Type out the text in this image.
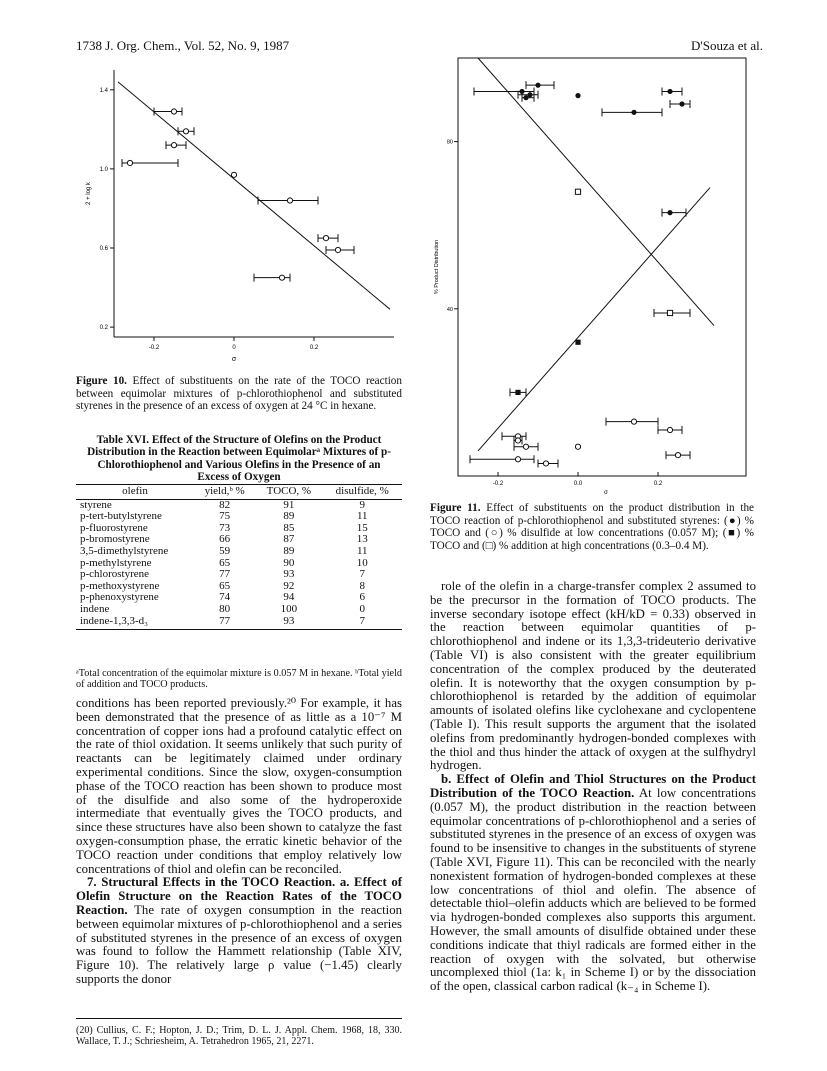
1738 J. Org. Chem., Vol. 52, No. 9, 1987	D'Souza et al.
0.2
0.6
1.0
1.4
-0.2	0	0.2
2 + log k
σ
Figure 10. Effect of substituents on the rate of the TOCO reaction between equimolar mixtures of p-chlorothiophenol and substituted styrenes in the presence of an excess of oxygen at 24 °C in hexane.
Table XVI. Effect of the Structure of Olefins on the Product Distribution in the Reaction between Equimolarᵃ Mixtures of p-Chlorothiophenol and Various Olefins in the Presence of an Excess of Oxygen
olefin	yield,ᵇ %	TOCO, %	disulfide, %
styrene	82	91	9
p-tert-butylstyrene	75	89	11
p-fluorostyrene	73	85	15
p-bromostyrene	66	87	13
3,5-dimethylstyrene	59	89	11
p-methylstyrene	65	90	10
p-chlorostyrene	77	93	7
p-methoxystyrene	65	92	8
p-phenoxystyrene	74	94	6
indene	80	100	0
indene-1,3,3-d₃	77	93	7
ᵃTotal concentration of the equimolar mixture is 0.057 M in hexane. ᵇTotal yield of addition and TOCO products.

conditions has been reported previously.²⁰ For example, it has been demonstrated that the presence of as little as a 10⁻⁷ M concentration of copper ions had a profound catalytic effect on the rate of thiol oxidation. It seems unlikely that such purity of reactants can be legitimately claimed under ordinary experimental conditions. Since the slow, oxygen-consumption phase of the TOCO reaction has been shown to produce most of the disulfide and also some of the hydroperoxide intermediate that eventually gives the TOCO products, and since these structures have also been shown to catalyze the fast oxygen-consumption phase, the erratic kinetic behavior of the TOCO reaction under conditions that employ relatively low concentrations of thiol and olefin can be reconciled.

7. Structural Effects in the TOCO Reaction. a. Effect of Olefin Structure on the Reaction Rates of the TOCO Reaction. The rate of oxygen consumption in the reaction between equimolar mixtures of p-chlorothiophenol and a series of substituted styrenes in the presence of an excess of oxygen was found to follow the Hammett relationship (Table XIV, Figure 10). The relatively large ρ value (−1.45) clearly supports the donor

(20) Cullius, C. F.; Hopton, J. D.; Trim, D. L. J. Appl. Chem. 1968, 18, 330. Wallace, T. J.; Schriesheim, A. Tetrahedron 1965, 21, 2271.
40
80
-0.2	0.0	0.2
% Product Distribution
σ
Figure 11. Effect of substituents on the product distribution in the TOCO reaction of p-chlorothiophenol and substituted styrenes: (●) % TOCO and (○) % disulfide at low concentrations (0.057 M); (■) % TOCO and (□) % addition at high concentrations (0.3–0.4 M).

role of the olefin in a charge-transfer complex 2 assumed to be the precursor in the formation of TOCO products. The inverse secondary isotope effect (kH/kD = 0.33) observed in the reaction between equimolar quantities of p-chlorothiophenol and indene or its 1,3,3-trideuterio derivative (Table VI) is also consistent with the greater equilibrium concentration of the complex produced by the deuterated olefin. It is noteworthy that the oxygen consumption by p-chlorothiophenol is retarded by the addition of equimolar amounts of isolated olefins like cyclohexane and cyclopentene (Table I). This result supports the argument that the isolated olefins from predominantly hydrogen-bonded complexes with the thiol and thus hinder the attack of oxygen at the sulfhydryl hydrogen.

b. Effect of Olefin and Thiol Structures on the Product Distribution of the TOCO Reaction. At low concentrations (0.057 M), the product distribution in the reaction between equimolar concentrations of p-chlorothiophenol and a series of substituted styrenes in the presence of an excess of oxygen was found to be insensitive to changes in the substituents of styrene (Table XVI, Figure 11). This can be reconciled with the nearly nonexistent formation of hydrogen-bonded complexes at these low concentrations of thiol and olefin. The absence of detectable thiol–olefin adducts which are believed to be formed via hydrogen-bonded complexes also supports this argument. However, the small amounts of disulfide obtained under these conditions indicate that thiyl radicals are formed either in the reaction of oxygen with the solvated, but otherwise uncomplexed thiol (1a: k₁ in Scheme I) or by the dissociation of the open, classical carbon radical (k₋₄ in Scheme I).
